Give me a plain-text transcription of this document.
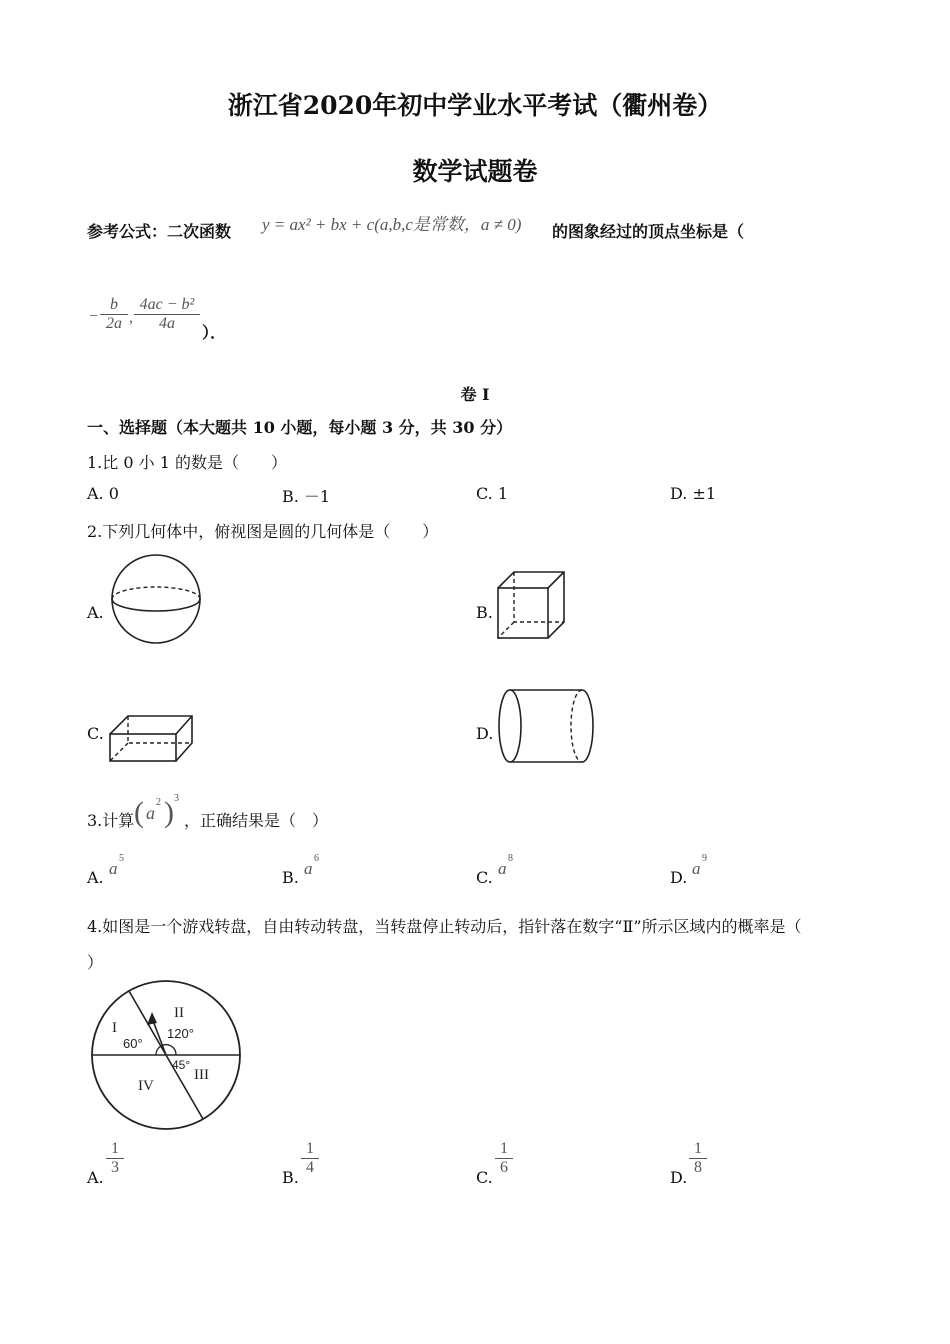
浙江省2020年初中学业水平考试（衢州卷）
数学试题卷
参考公式：二次函数 y = ax² + bx + c(a,b,c是常数，a ≠ 0) 的图象经过的顶点坐标是（
−
b
2a ,
4ac − b²
4a	）．
卷 I
一、选择题（本大题共 10 小题，每小题 3 分，共 30 分）
1.比 0 小 1 的数是（　　）
A. 0	B. －1	C. 1	D. ±1
2.下列几何体中，俯视图是圆的几何体是（　　）
A.	B.
C.	D.
3.计算 ( a
2 ) 3
，正确结果是（　）
A. a
5
B. a
6
C. a
8
D. a
9
4.如图是一个游戏转盘，自由转动转盘，当转盘停止转动后，指针落在数字“Ⅱ”所示区域内的概率是（
）
I
II
III
IV
60°
120°
45°
A.
1
3
B.
1
4
C.
1
6
D.
1
8
